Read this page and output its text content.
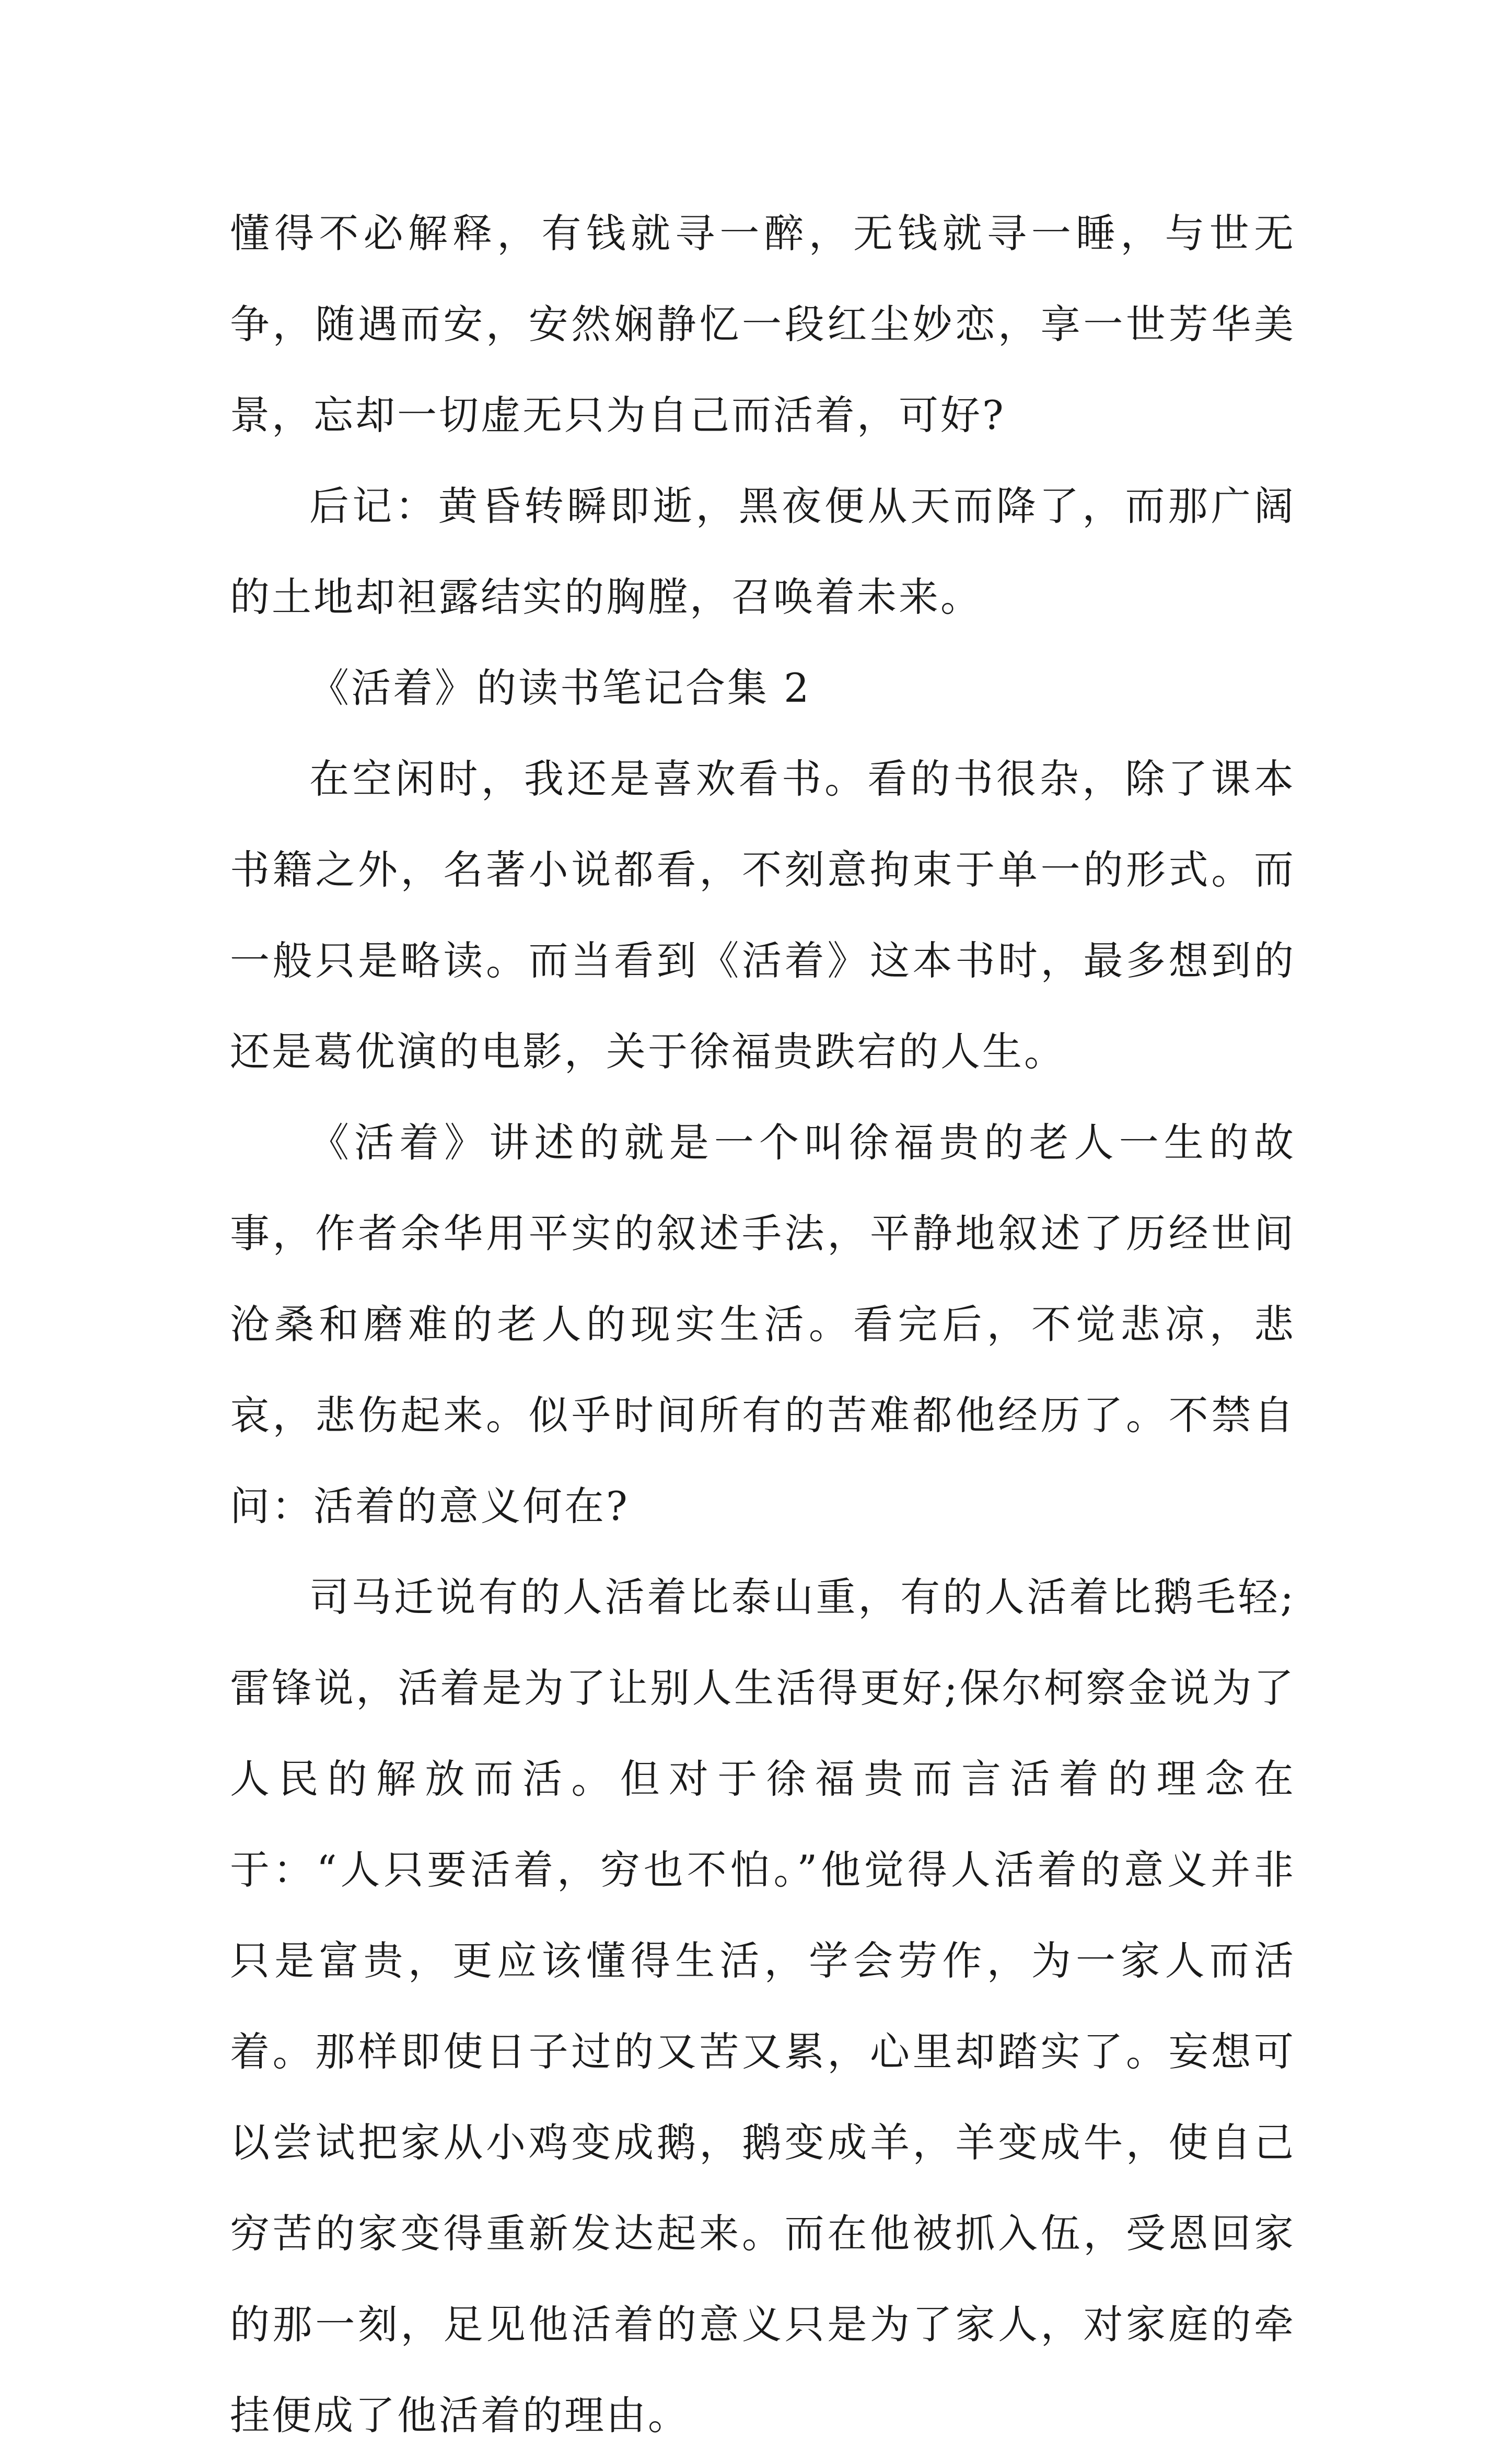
懂得不必解释，有钱就寻一醉，无钱就寻一睡，与世无争，随遇而安，安然娴静忆一段红尘妙恋，享一世芳华美景，忘却一切虚无只为自己而活着，可好?

后记：黄昏转瞬即逝，黑夜便从天而降了，而那广阔的土地却袒露结实的胸膛，召唤着未来。

《活着》的读书笔记合集 2

在空闲时，我还是喜欢看书。看的书很杂，除了课本书籍之外，名著小说都看，不刻意拘束于单一的形式。而一般只是略读。而当看到《活着》这本书时，最多想到的还是葛优演的电影，关于徐福贵跌宕的人生。

《活着》讲述的就是一个叫徐福贵的老人一生的故事，作者余华用平实的叙述手法，平静地叙述了历经世间沧桑和磨难的老人的现实生活。看完后，不觉悲凉，悲哀，悲伤起来。似乎时间所有的苦难都他经历了。不禁自问：活着的意义何在?

司马迁说有的人活着比泰山重，有的人活着比鹅毛轻;雷锋说，活着是为了让别人生活得更好;保尔柯察金说为了人民的解放而活。但对于徐福贵而言活着的理念在于：“人只要活着，穷也不怕。”他觉得人活着的意义并非只是富贵，更应该懂得生活，学会劳作，为一家人而活着。那样即使日子过的又苦又累，心里却踏实了。妄想可以尝试把家从小鸡变成鹅，鹅变成羊，羊变成牛，使自己穷苦的家变得重新发达起来。而在他被抓入伍，受恩回家的那一刻，足见他活着的意义只是为了家人，对家庭的牵挂便成了他活着的理由。
